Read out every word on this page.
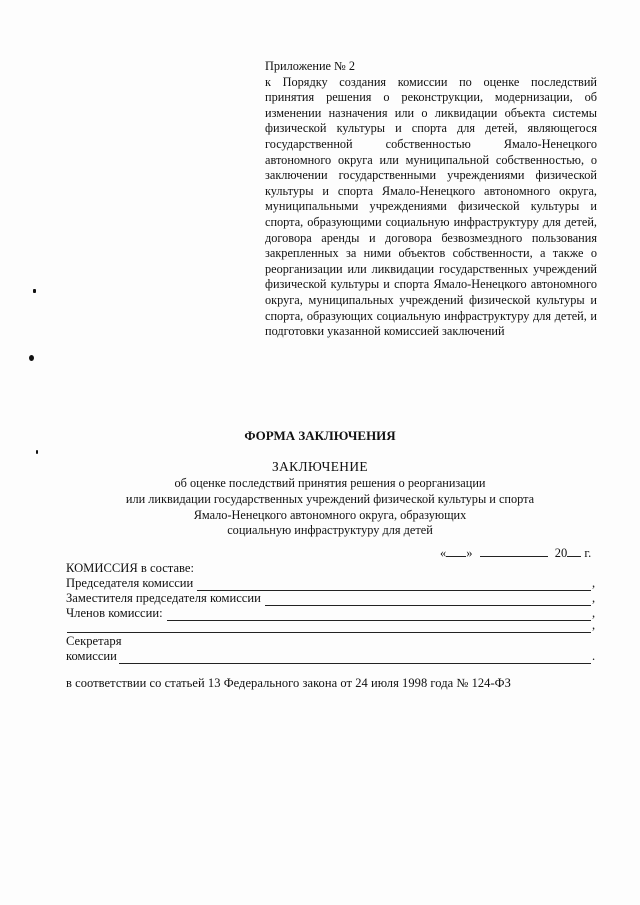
Приложение № 2

к Порядку создания комиссии по оценке последствий принятия решения о реконструкции, модернизации, об изменении назначения или о ликвидации объекта системы физической культуры и спорта для детей, являющегося государственной собственностью Ямало-Ненецкого автономного округа или муниципальной собственностью, о заключении государственными учреждениями физической культуры и спорта Ямало-Ненецкого автономного округа, муниципальными учреждениями физической культуры и спорта, образующими социальную инфраструктуру для детей, договора аренды и договора безвозмездного пользования закрепленных за ними объектов собственности, а также о реорганизации или ликвидации государственных учреждений физической культуры и спорта Ямало-Ненецкого автономного округа, муниципальных учреждений физической культуры и спорта, образующих социальную инфраструктуру для детей, и подготовки указанной комиссией заключений

ФОРМА ЗАКЛЮЧЕНИЯ

ЗАКЛЮЧЕНИЕ

об оценке последствий принятия решения о реорганизации
или ликвидации государственных учреждений физической культуры и спорта
Ямало-Ненецкого автономного округа, образующих
социальную инфраструктуру для детей

« »	20 г.
КОМИССИЯ в составе:
Председателя комиссии	,
Заместителя председателя комиссии	,
Членов комиссии:	,
,
Секретаря
комиссии	.
в соответствии со статьей 13 Федерального закона от 24 июля 1998 года № 124-ФЗ
